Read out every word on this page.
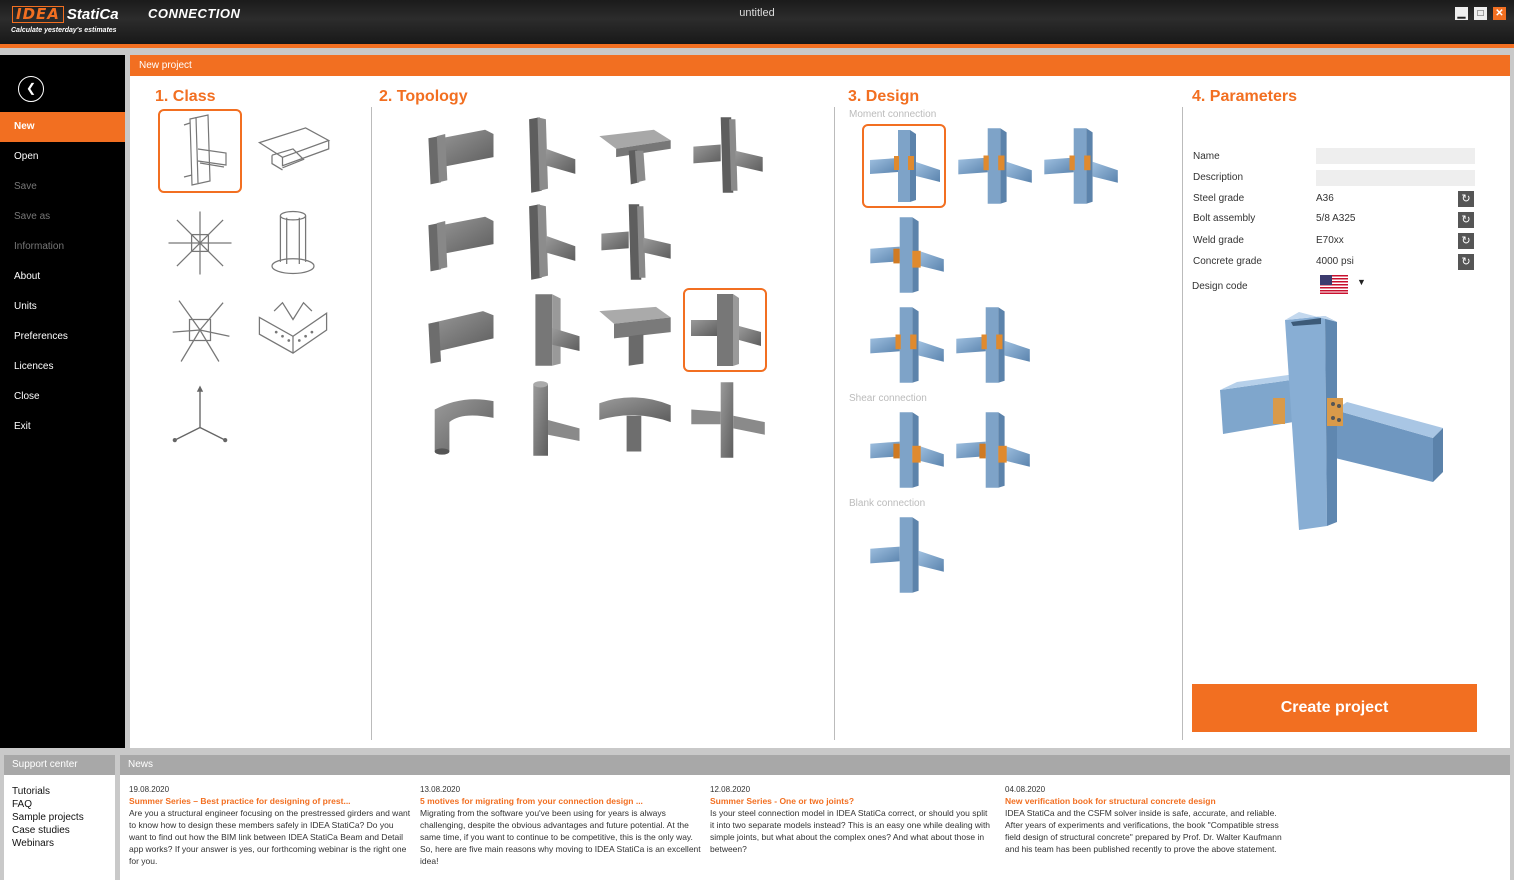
IDEA StatiCa CONNECTION
Calculate yesterday's estimates
untitled	▁	□	✕
❮
New
Open
Save
Save as
Information
About
Units
Preferences
Licences
Close
Exit
New project
1. Class	2. Topology	3. Design	4. Parameters
Moment connection
Shear connection
Blank connection
Name
Description
Steel grade	A36	↻
Bolt assembly	5/8 A325	↻
Weld grade	E70xx	↻
Concrete grade	4000 psi	↻
Design code	▼
Create project
Support center
Tutorials
FAQ
Sample projects
Case studies
Webinars
News
19.08.2020
Summer Series – Best practice for designing of prest...
Are you a structural engineer focusing on the prestressed girders and want to know how to design these members safely in IDEA StatiCa? Do you want to find out how the BIM link between IDEA StatiCa Beam and Detail app works? If your answer is yes, our forthcoming webinar is the right one for you.
13.08.2020
5 motives for migrating from your connection design ...
Migrating from the software you've been using for years is always challenging, despite the obvious advantages and future potential. At the same time, if you want to continue to be competitive, this is the only way. So, here are five main reasons why moving to IDEA StatiCa is an excellent idea!
12.08.2020
Summer Series - One or two joints?
Is your steel connection model in IDEA StatiCa correct, or should you split it into two separate models instead? This is an easy one while dealing with simple joints, but what about the complex ones? And what about those in between?
04.08.2020
New verification book for structural concrete design
IDEA StatiCa and the CSFM solver inside is safe, accurate, and reliable. After years of experiments and verifications, the book "Compatible stress field design of structural concrete" prepared by Prof. Dr. Walter Kaufmann and his team has been published recently to prove the above statement.
